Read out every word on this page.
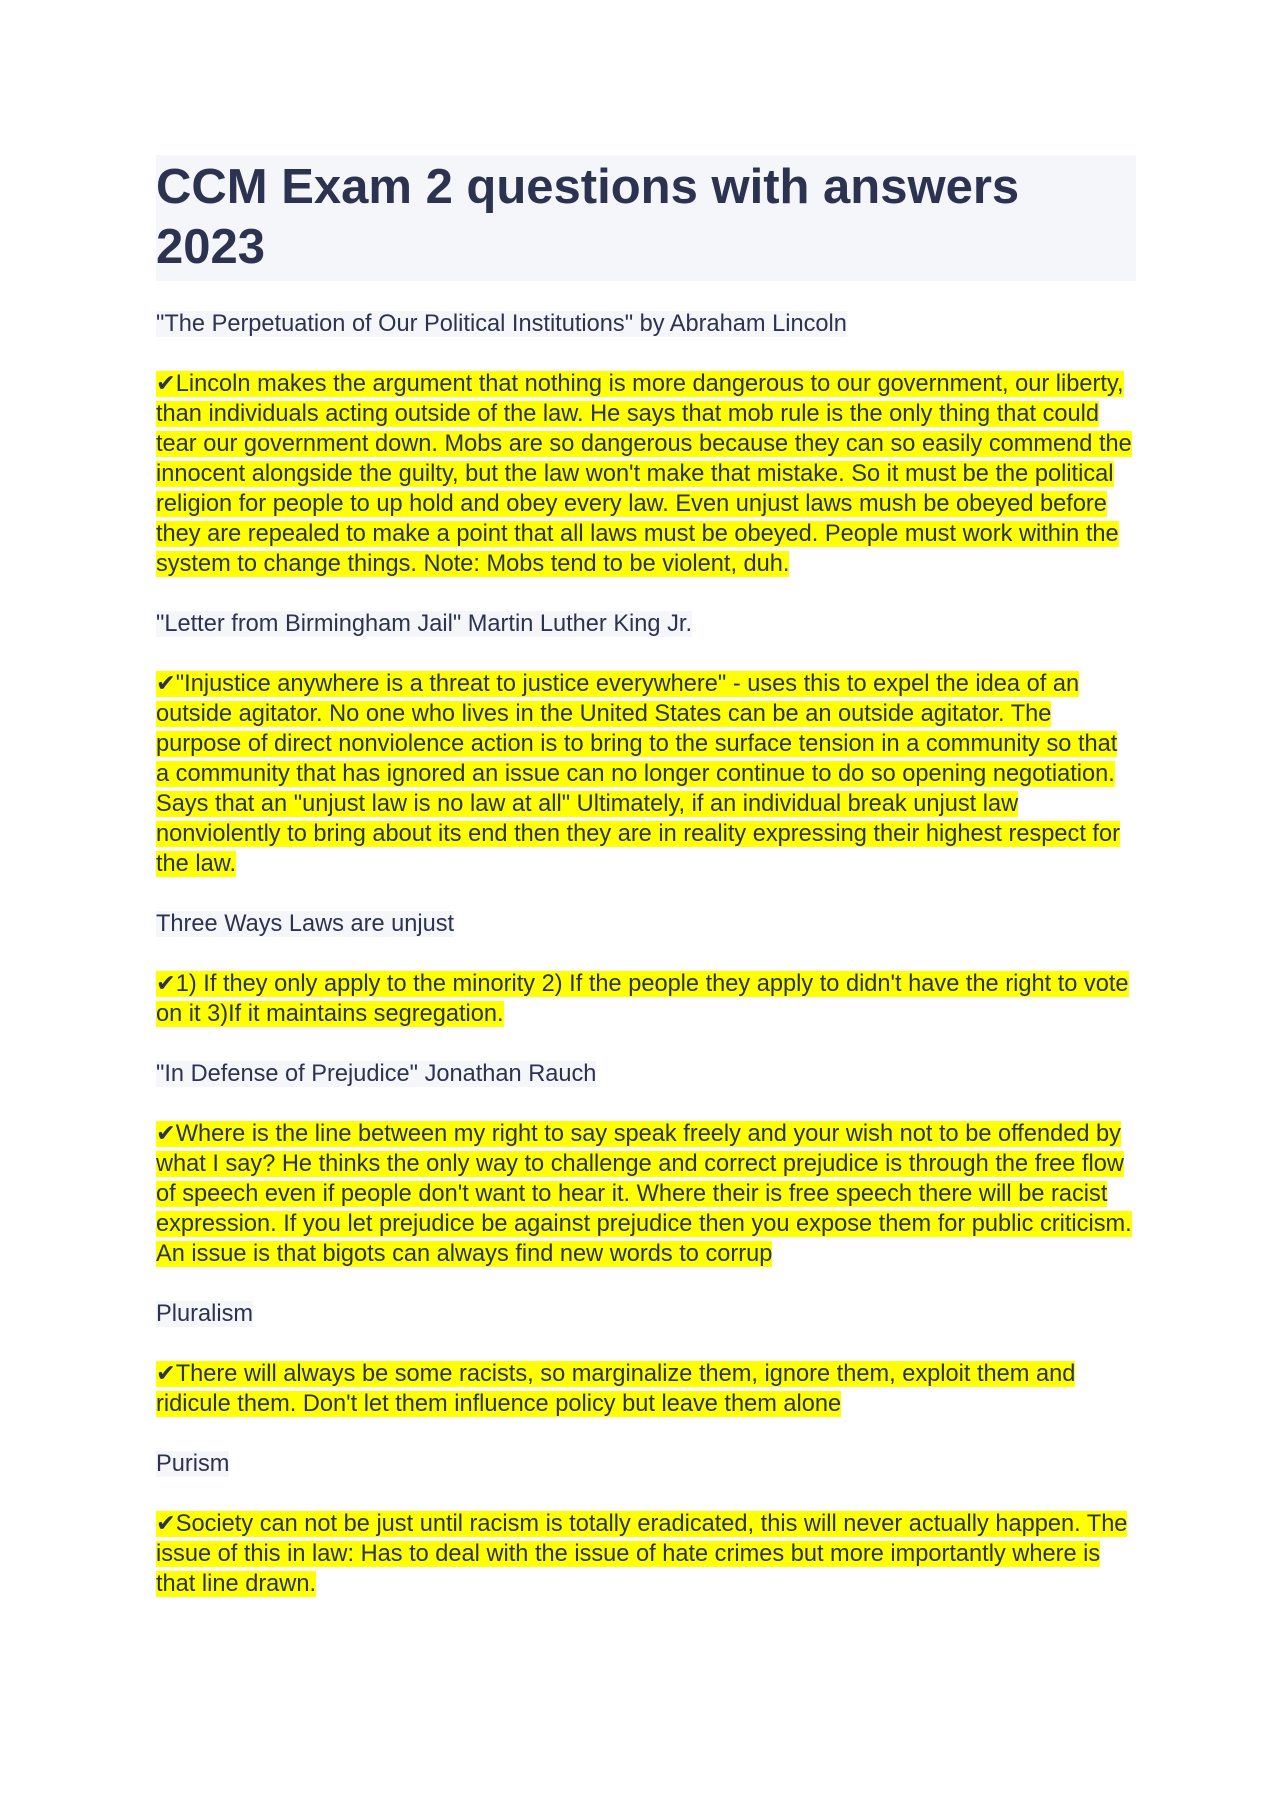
CCM Exam 2 questions with answers 2023

"The Perpetuation of Our Political Institutions" by Abraham Lincoln

✔Lincoln makes the argument that nothing is more dangerous to our government, our liberty, than individuals acting outside of the law. He says that mob rule is the only thing that could tear our government down. Mobs are so dangerous because they can so easily commend the innocent alongside the guilty, but the law won't make that mistake. So it must be the political religion for people to up hold and obey every law. Even unjust laws mush be obeyed before they are repealed to make a point that all laws must be obeyed. People must work within the system to change things. Note: Mobs tend to be violent, duh.

"Letter from Birmingham Jail" Martin Luther King Jr.

✔"Injustice anywhere is a threat to justice everywhere" - uses this to expel the idea of an outside agitator. No one who lives in the United States can be an outside agitator. The purpose of direct nonviolence action is to bring to the surface tension in a community so that a community that has ignored an issue can no longer continue to do so opening negotiation. Says that an "unjust law is no law at all" Ultimately, if an individual break unjust law nonviolently to bring about its end then they are in reality expressing their highest respect for the law.

Three Ways Laws are unjust

✔1) If they only apply to the minority 2) If the people they apply to didn't have the right to vote on it 3)If it maintains segregation.

"In Defense of Prejudice" Jonathan Rauch

✔Where is the line between my right to say speak freely and your wish not to be offended by what I say? He thinks the only way to challenge and correct prejudice is through the free flow of speech even if people don't want to hear it. Where their is free speech there will be racist expression. If you let prejudice be against prejudice then you expose them for public criticism. An issue is that bigots can always find new words to corrup

Pluralism

✔There will always be some racists, so marginalize them, ignore them, exploit them and ridicule them. Don't let them influence policy but leave them alone

Purism

✔Society can not be just until racism is totally eradicated, this will never actually happen. The issue of this in law: Has to deal with the issue of hate crimes but more importantly where is that line drawn.
